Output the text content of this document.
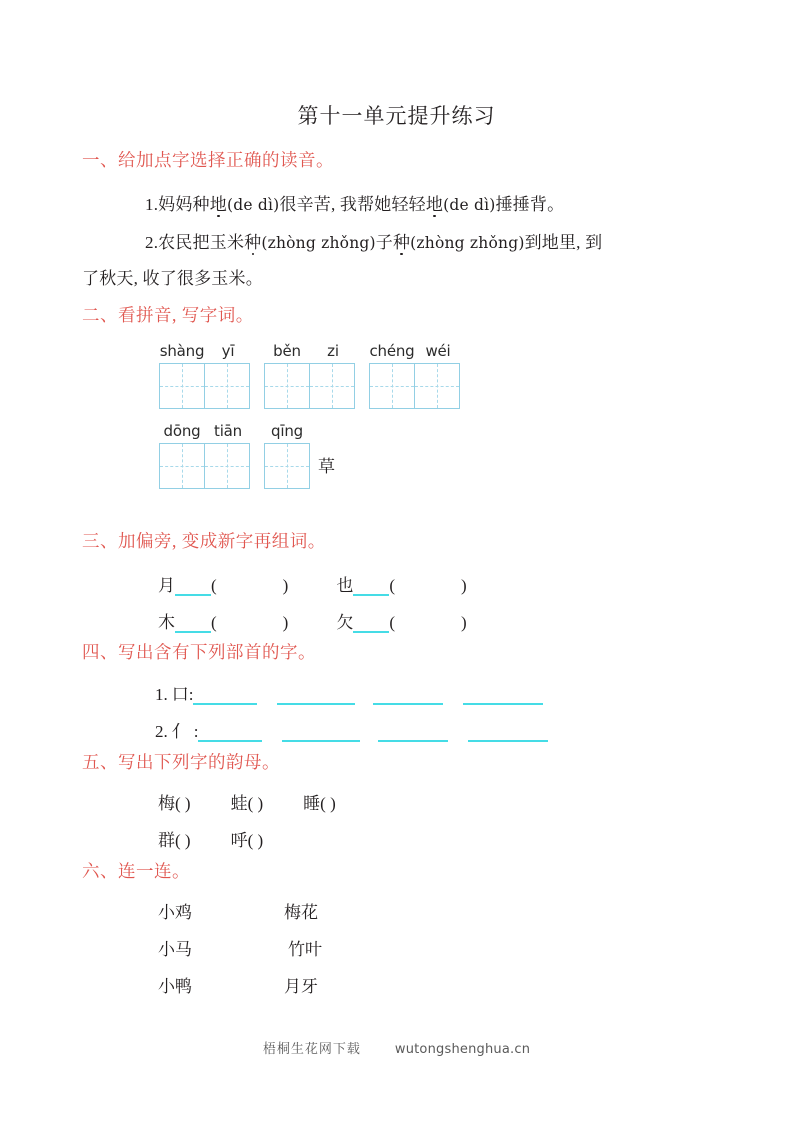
第十一单元提升练习
一、给加点字选择正确的读音。
1.妈妈种地(de dì)很辛苦, 我帮她轻轻地(de dì)捶捶背。
2.农民把玉米种(zhòng zhǒng)子种(zhòng zhǒng)到地里, 到
了秋天, 收了很多玉米。
二、看拼音, 写字词。
shàng	yī	běn	zi	chéng wéi
dōng tiān	qīng
草
三、加偏旁, 变成新字再组词。
月 (	)	也 (	)
木 (	)	欠 (	)
四、写出含有下列部首的字。
1. 口:
2. 亻 :
五、写出下列字的韵母。
梅( ) 蛙( ) 睡( )
群( ) 呼( )
六、连一连。
小鸡	梅花
小马	竹叶
小鸭	月牙
梧桐生花网下载	wutongshenghua.cn
